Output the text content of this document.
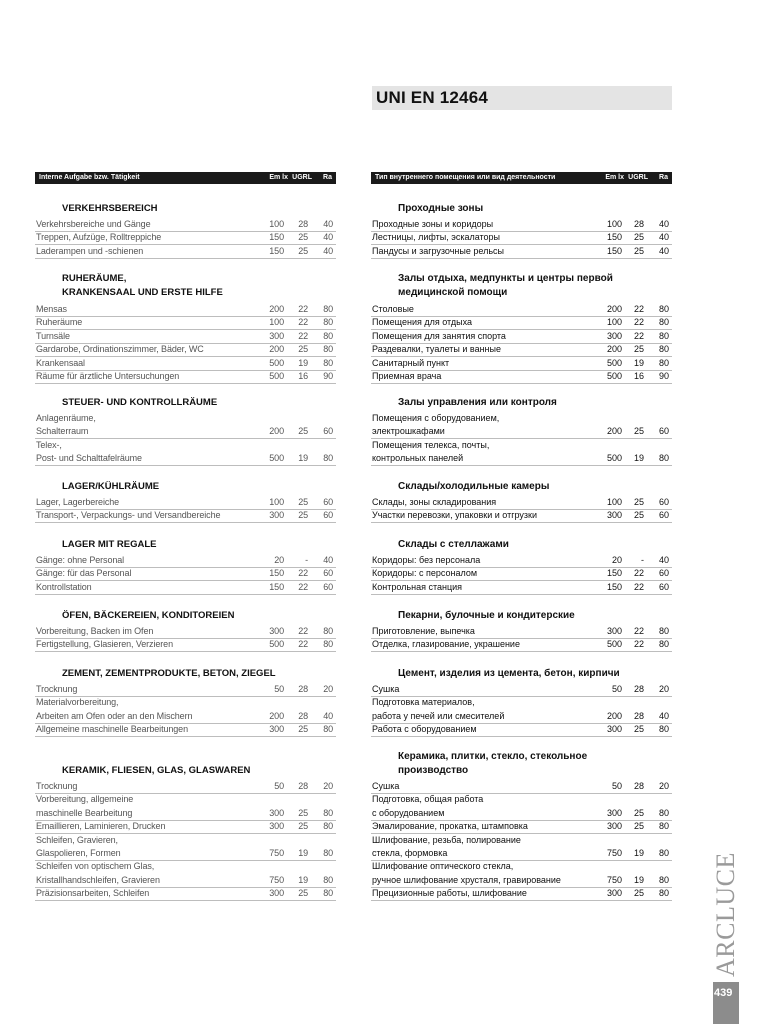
UNI EN 12464
Interne Aufgabe bzw. Tätigkeit	Em lx UGRL Ra
VERKEHRSBEREICH
Verkehrsbereiche und Gänge	100	28	40
Treppen, Aufzüge, Rolltreppiche	150	25	40
Laderampen und -schienen	150	25	40
RUHERÄUME,
KRANKENSAAL UND ERSTE HILFE
Mensas	200	22	80
Ruheräume	100	22	80
Turnsäle	300	22	80
Gardarobe, Ordinationszimmer, Bäder, WC	200	25	80
Krankensaal	500	19	80
Räume für ärztliche Untersuchungen	500	16	90
STEUER- UND KONTROLLRÄUME
Anlagenräume,
Schalterraum	200	25	60
Telex-,
Post- und Schalttafelräume	500	19	80
LAGER/KÜHLRÄUME
Lager, Lagerbereiche	100	25	60
Transport-, Verpackungs- und Versandbereiche	300	25	60
LAGER MIT REGALE
Gänge: ohne Personal	20	-	40
Gänge: für das Personal	150	22	60
Kontrollstation	150	22	60
ÖFEN, BÄCKEREIEN, KONDITOREIEN
Vorbereitung, Backen im Ofen	300	22	80
Fertigstellung, Glasieren, Verzieren	500	22	80
ZEMENT, ZEMENTPRODUKTE, BETON, ZIEGEL
Trocknung	50	28	20
Materialvorbereitung,
Arbeiten am Ofen oder an den Mischern	200	28	40
Allgemeine maschinelle Bearbeitungen	300	25	80
KERAMIK, FLIESEN, GLAS, GLASWAREN
Trocknung	50	28	20
Vorbereitung, allgemeine
maschinelle Bearbeitung	300	25	80
Emaillieren, Laminieren, Drucken	300	25	80
Schleifen, Gravieren,
Glaspolieren, Formen	750	19	80
Schleifen von optischem Glas,
Kristallhandschleifen, Gravieren	750	19	80
Präzisionsarbeiten, Schleifen	300	25	80
Тип внутреннего помещения или вид деятельности	Em lx UGRL Ra
Проходные зоны
Проходные зоны и коридоры	100	28	40
Лестницы, лифты, эскалаторы	150	25	40
Пандусы и загрузочные рельсы	150	25	40
Залы отдыха, медпункты и центры первой
медицинской помощи
Столовые	200	22	80
Помещения для отдыха	100	22	80
Помещения для занятия спорта	300	22	80
Раздевалки, туалеты и ванные	200	25	80
Санитарный пункт	500	19	80
Приемная врача	500	16	90
Залы управления или контроля
Помещения с оборудованием,
электрошкафами	200	25	60
Помещения телекса, почты,
контрольных панелей	500	19	80
Склады/холодильные камеры
Склады, зоны складирования	100	25	60
Участки перевозки, упаковки и отгрузки	300	25	60
Склады с стеллажами
Коридоры: без персонала	20	-	40
Коридоры: с персоналом	150	22	60
Контрольная станция	150	22	60
Пекарни, булочные и кондитерские
Приготовление, выпечка	300	22	80
Отделка, глазирование, украшение	500	22	80
Цемент, изделия из цемента, бетон, кирпичи
Сушка	50	28	20
Подготовка материалов,
работа у печей или смесителей	200	28	40
Работа с оборудованием	300	25	80
Керамика, плитки, стекло, стекольное
производство
Сушка	50	28	20
Подготовка, общая работа
с оборудованием	300	25	80
Эмалирование, прокатка, штамповка	300	25	80
Шлифование, резьба, полирование
стекла, формовка	750	19	80
Шлифование оптического стекла,
ручное шлифование хрусталя, гравирование	750	19	80
Прецизионные работы, шлифование	300	25	80 ARCLUCE
439
